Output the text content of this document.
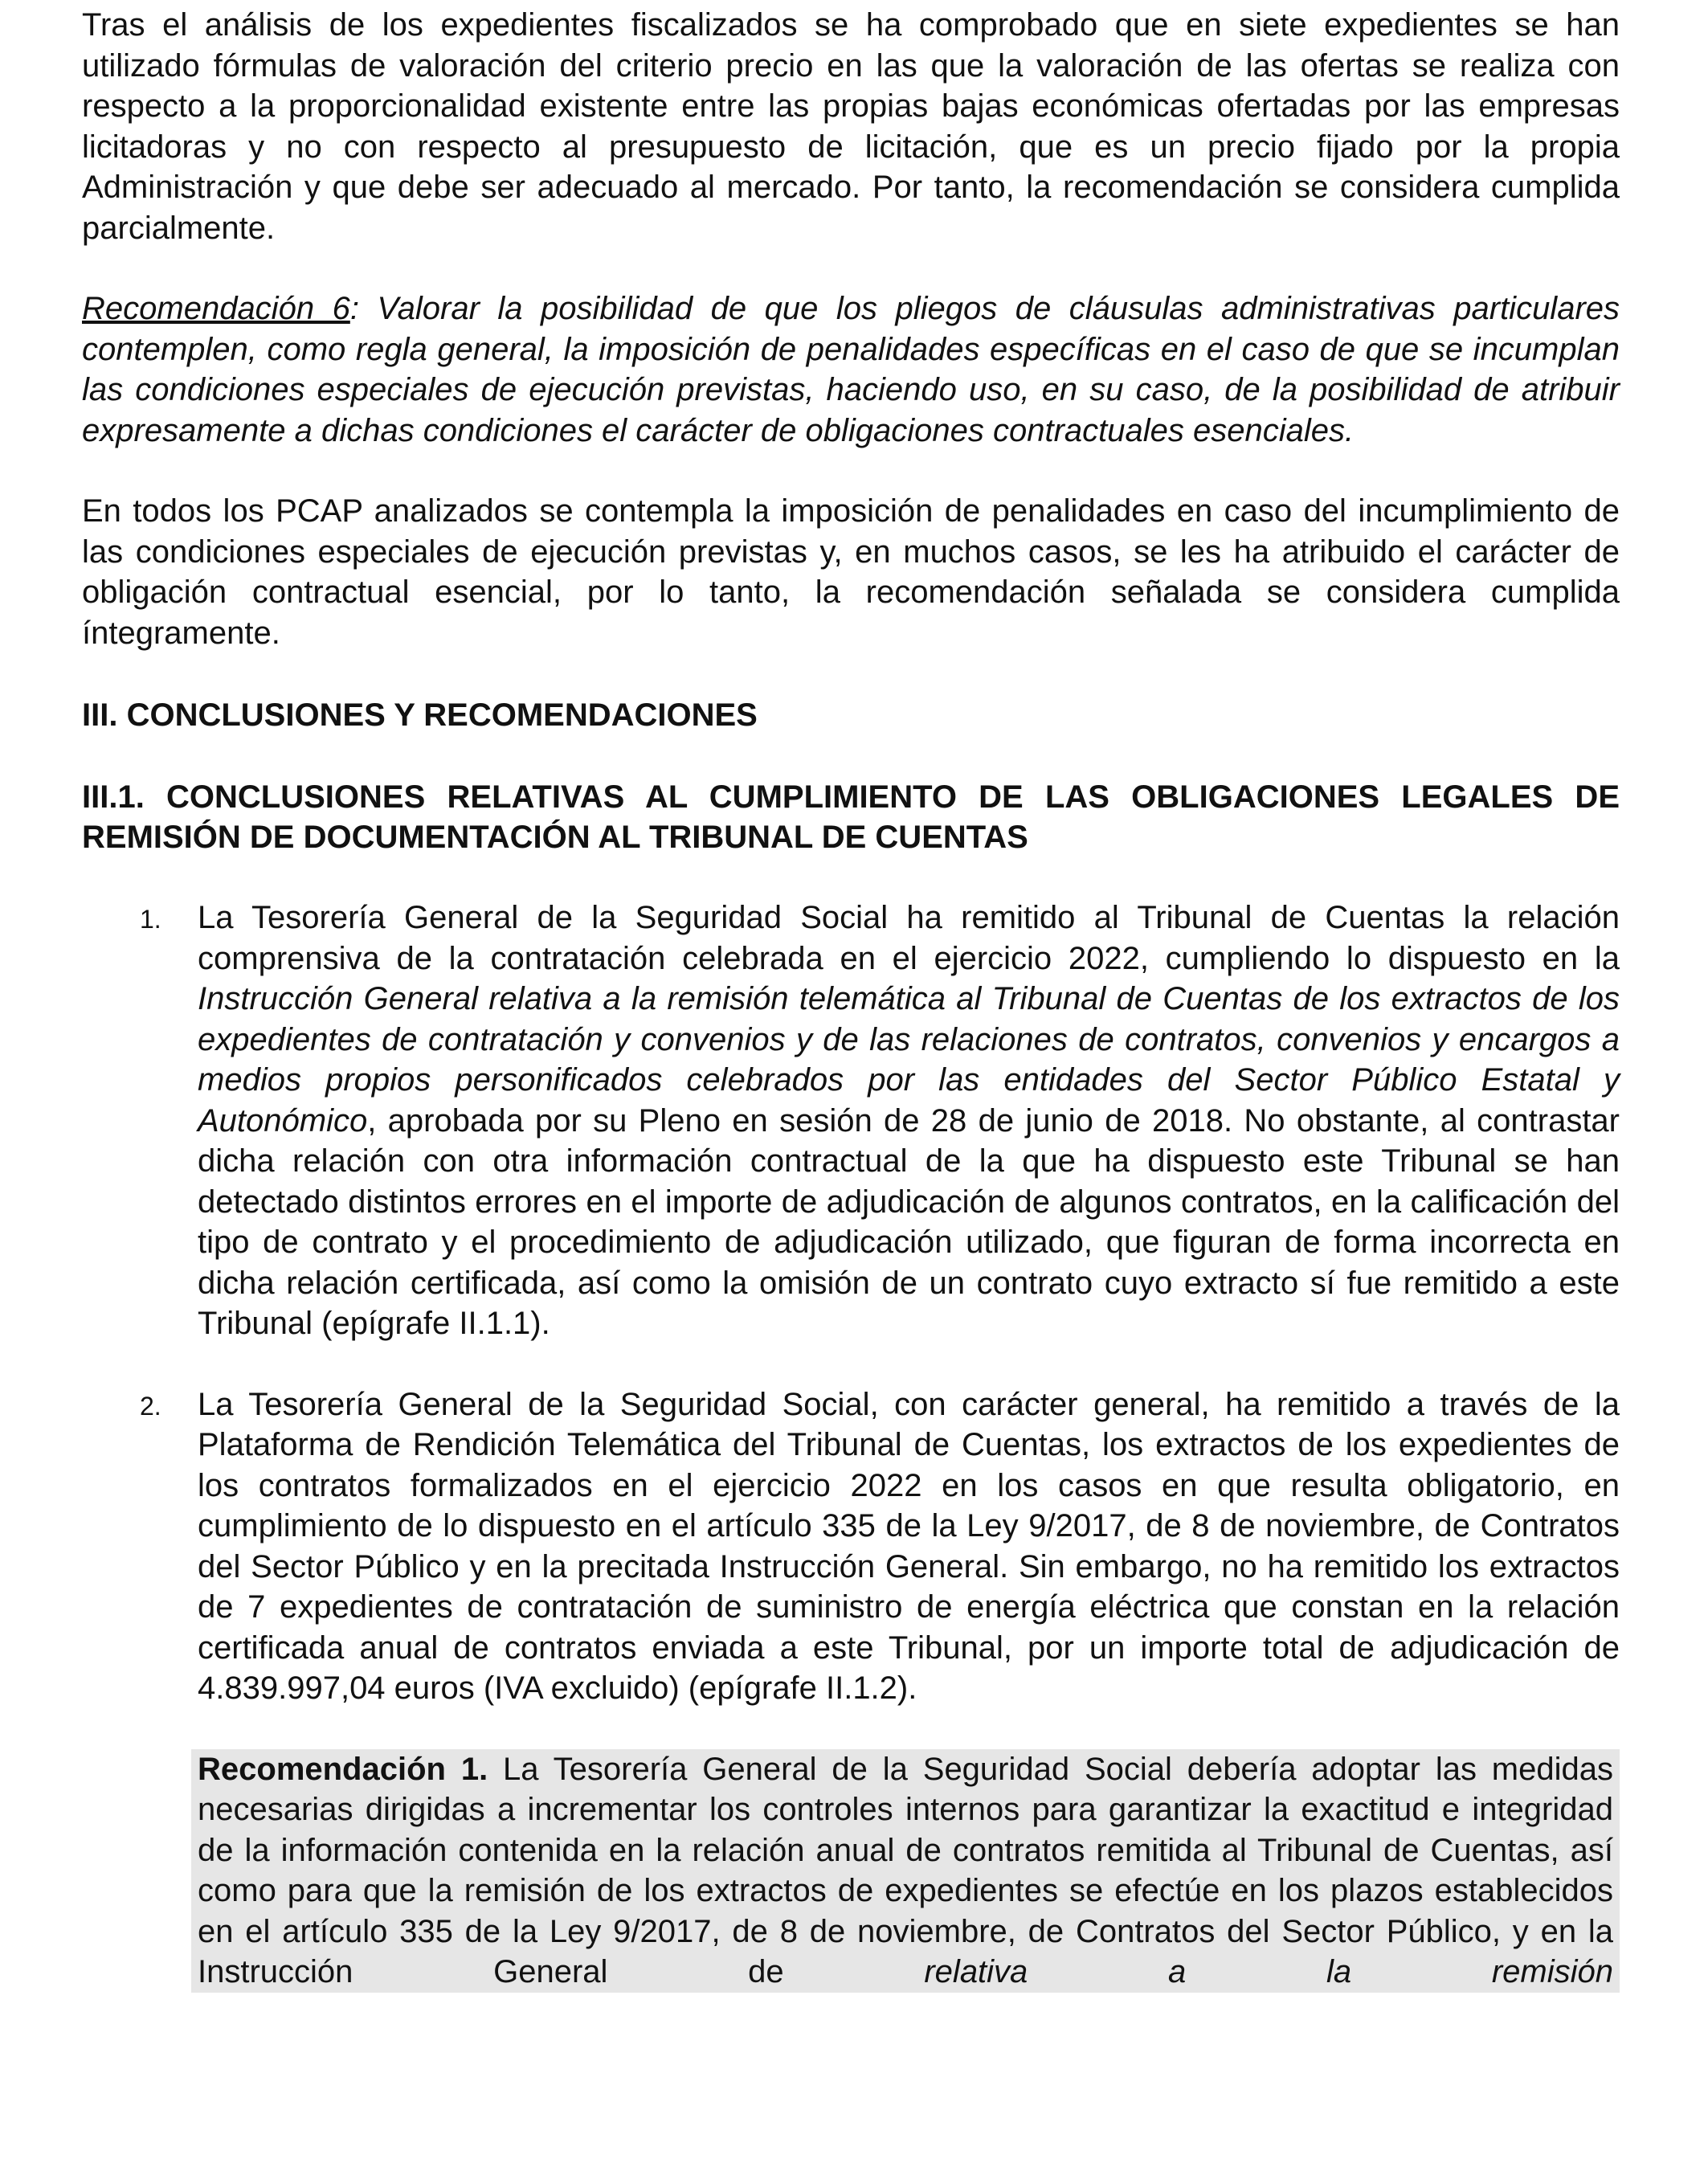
Tras el análisis de los expedientes fiscalizados se ha comprobado que en siete expedientes se han utilizado fórmulas de valoración del criterio precio en las que la valoración de las ofertas se realiza con respecto a la proporcionalidad existente entre las propias bajas económicas ofertadas por las empresas licitadoras y no con respecto al presupuesto de licitación, que es un precio fijado por la propia Administración y que debe ser adecuado al mercado. Por tanto, la recomendación se considera cumplida parcialmente.

Recomendación 6: Valorar la posibilidad de que los pliegos de cláusulas administrativas particulares contemplen, como regla general, la imposición de penalidades específicas en el caso de que se incumplan las condiciones especiales de ejecución previstas, haciendo uso, en su caso, de la posibilidad de atribuir expresamente a dichas condiciones el carácter de obligaciones contractuales esenciales.

En todos los PCAP analizados se contempla la imposición de penalidades en caso del incumplimiento de las condiciones especiales de ejecución previstas y, en muchos casos, se les ha atribuido el carácter de obligación contractual esencial, por lo tanto, la recomendación señalada se considera cumplida íntegramente.

III. CONCLUSIONES Y RECOMENDACIONES
III.1. CONCLUSIONES RELATIVAS AL CUMPLIMIENTO DE LAS OBLIGACIONES LEGALES DE REMISIÓN DE DOCUMENTACIÓN AL TRIBUNAL DE CUENTAS
1. La Tesorería General de la Seguridad Social ha remitido al Tribunal de Cuentas la relación comprensiva de la contratación celebrada en el ejercicio 2022, cumpliendo lo dispuesto en la Instrucción General relativa a la remisión telemática al Tribunal de Cuentas de los extractos de los expedientes de contratación y convenios y de las relaciones de contratos, convenios y encargos a medios propios personificados celebrados por las entidades del Sector Público Estatal y Autonómico, aprobada por su Pleno en sesión de 28 de junio de 2018. No obstante, al contrastar dicha relación con otra información contractual de la que ha dispuesto este Tribunal se han detectado distintos errores en el importe de adjudicación de algunos contratos, en la calificación del tipo de contrato y el procedimiento de adjudicación utilizado, que figuran de forma incorrecta en dicha relación certificada, así como la omisión de un contrato cuyo extracto sí fue remitido a este Tribunal (epígrafe II.1.1).
2. La Tesorería General de la Seguridad Social, con carácter general, ha remitido a través de la Plataforma de Rendición Telemática del Tribunal de Cuentas, los extractos de los expedientes de los contratos formalizados en el ejercicio 2022 en los casos en que resulta obligatorio, en cumplimiento de lo dispuesto en el artículo 335 de la Ley 9/2017, de 8 de noviembre, de Contratos del Sector Público y en la precitada Instrucción General. Sin embargo, no ha remitido los extractos de 7 expedientes de contratación de suministro de energía eléctrica que constan en la relación certificada anual de contratos enviada a este Tribunal, por un importe total de adjudicación de 4.839.997,04 euros (IVA excluido) (epígrafe II.1.2).
Recomendación 1. La Tesorería General de la Seguridad Social debería adoptar las medidas necesarias dirigidas a incrementar los controles internos para garantizar la exactitud e integridad de la información contenida en la relación anual de contratos remitida al Tribunal de Cuentas, así como para que la remisión de los extractos de expedientes se efectúe en los plazos establecidos en el artículo 335 de la Ley 9/2017, de 8 de noviembre, de Contratos del Sector Público, y en la Instrucción General de relativa a la remisión
